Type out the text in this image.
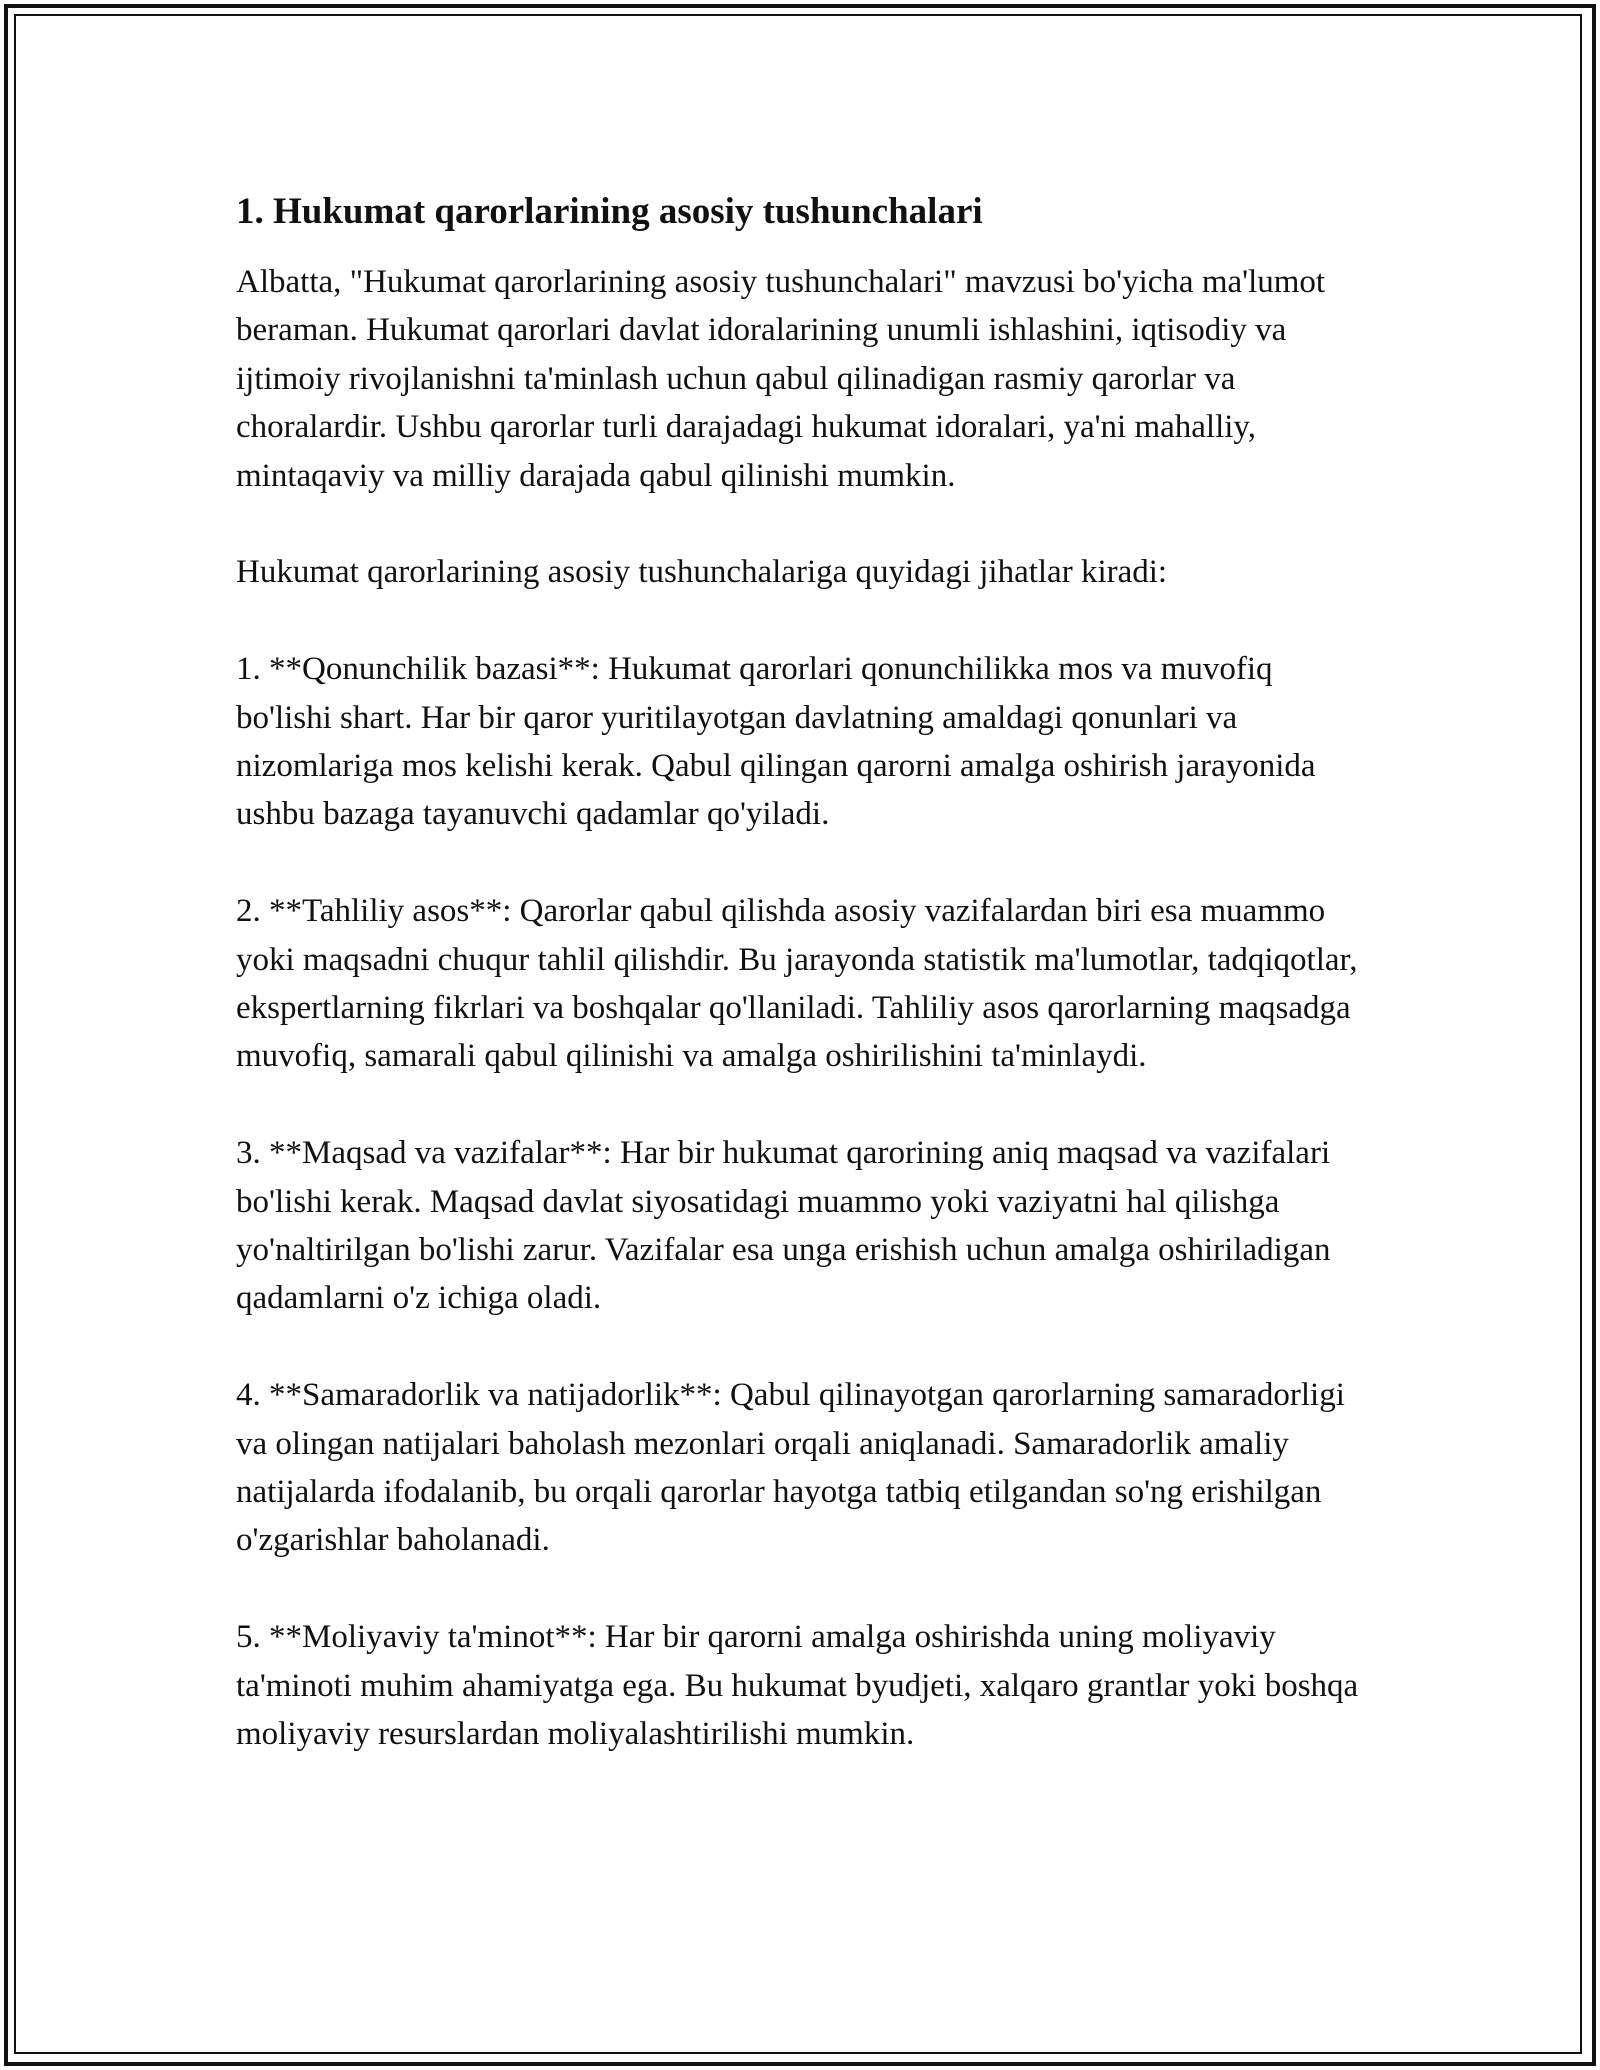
1. Hukumat qarorlarining asosiy tushunchalari

Albatta, "Hukumat qarorlarining asosiy tushunchalari" mavzusi bo'yicha ma'lumot beraman. Hukumat qarorlari davlat idoralarining unumli ishlashini, iqtisodiy va ijtimoiy rivojlanishni ta'minlash uchun qabul qilinadigan rasmiy qarorlar va choralardir. Ushbu qarorlar turli darajadagi hukumat idoralari, ya'ni mahalliy, mintaqaviy va milliy darajada qabul qilinishi mumkin.

Hukumat qarorlarining asosiy tushunchalariga quyidagi jihatlar kiradi:

1. **Qonunchilik bazasi**: Hukumat qarorlari qonunchilikka mos va muvofiq bo'lishi shart. Har bir qaror yuritilayotgan davlatning amaldagi qonunlari va nizomlariga mos kelishi kerak. Qabul qilingan qarorni amalga oshirish jarayonida ushbu bazaga tayanuvchi qadamlar qo'yiladi.

2. **Tahliliy asos**: Qarorlar qabul qilishda asosiy vazifalardan biri esa muammo yoki maqsadni chuqur tahlil qilishdir. Bu jarayonda statistik ma'lumotlar, tadqiqotlar, ekspertlarning fikrlari va boshqalar qo'llaniladi. Tahliliy asos qarorlarning maqsadga muvofiq, samarali qabul qilinishi va amalga oshirilishini ta'minlaydi.

3. **Maqsad va vazifalar**: Har bir hukumat qarorining aniq maqsad va vazifalari bo'lishi kerak. Maqsad davlat siyosatidagi muammo yoki vaziyatni hal qilishga yo'naltirilgan bo'lishi zarur. Vazifalar esa unga erishish uchun amalga oshiriladigan qadamlarni o'z ichiga oladi.

4. **Samaradorlik va natijadorlik**: Qabul qilinayotgan qarorlarning samaradorligi va olingan natijalari baholash mezonlari orqali aniqlanadi. Samaradorlik amaliy natijalarda ifodalanib, bu orqali qarorlar hayotga tatbiq etilgandan so'ng erishilgan o'zgarishlar baholanadi.

5. **Moliyaviy ta'minot**: Har bir qarorni amalga oshirishda uning moliyaviy ta'minoti muhim ahamiyatga ega. Bu hukumat byudjeti, xalqaro grantlar yoki boshqa moliyaviy resurslardan moliyalashtirilishi mumkin.
